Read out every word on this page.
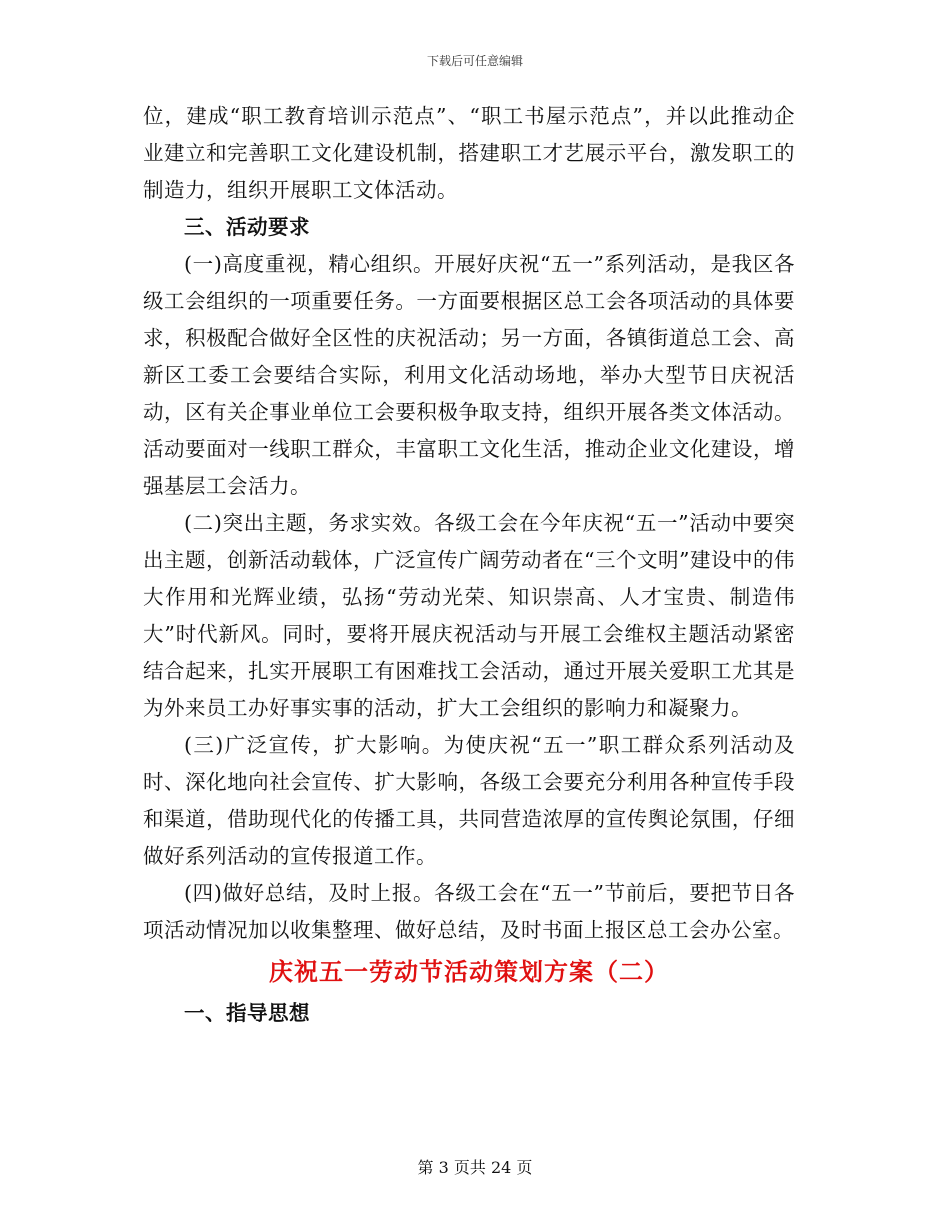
下载后可任意编辑

位，建成“职工教育培训示范点”、“职工书屋示范点”，并以此推动企业建立和完善职工文化建设机制，搭建职工才艺展示平台，激发职工的制造力，组织开展职工文体活动。

三、活动要求

(一)高度重视，精心组织。开展好庆祝“五一”系列活动，是我区各级工会组织的一项重要任务。一方面要根据区总工会各项活动的具体要求，积极配合做好全区性的庆祝活动；另一方面，各镇街道总工会、高新区工委工会要结合实际，利用文化活动场地，举办大型节日庆祝活动，区有关企事业单位工会要积极争取支持，组织开展各类文体活动。活动要面对一线职工群众，丰富职工文化生活，推动企业文化建设，增强基层工会活力。

(二)突出主题，务求实效。各级工会在今年庆祝“五一”活动中要突出主题，创新活动载体，广泛宣传广阔劳动者在“三个文明”建设中的伟大作用和光辉业绩，弘扬“劳动光荣、知识崇高、人才宝贵、制造伟大”时代新风。同时，要将开展庆祝活动与开展工会维权主题活动紧密结合起来，扎实开展职工有困难找工会活动，通过开展关爱职工尤其是为外来员工办好事实事的活动，扩大工会组织的影响力和凝聚力。

(三)广泛宣传，扩大影响。为使庆祝“五一”职工群众系列活动及时、深化地向社会宣传、扩大影响，各级工会要充分利用各种宣传手段和渠道，借助现代化的传播工具，共同营造浓厚的宣传舆论氛围，仔细做好系列活动的宣传报道工作。

(四)做好总结，及时上报。各级工会在“五一”节前后，要把节日各项活动情况加以收集整理、做好总结，及时书面上报区总工会办公室。

庆祝五一劳动节活动策划方案（二）

一、指导思想

第 3 页共 24 页
